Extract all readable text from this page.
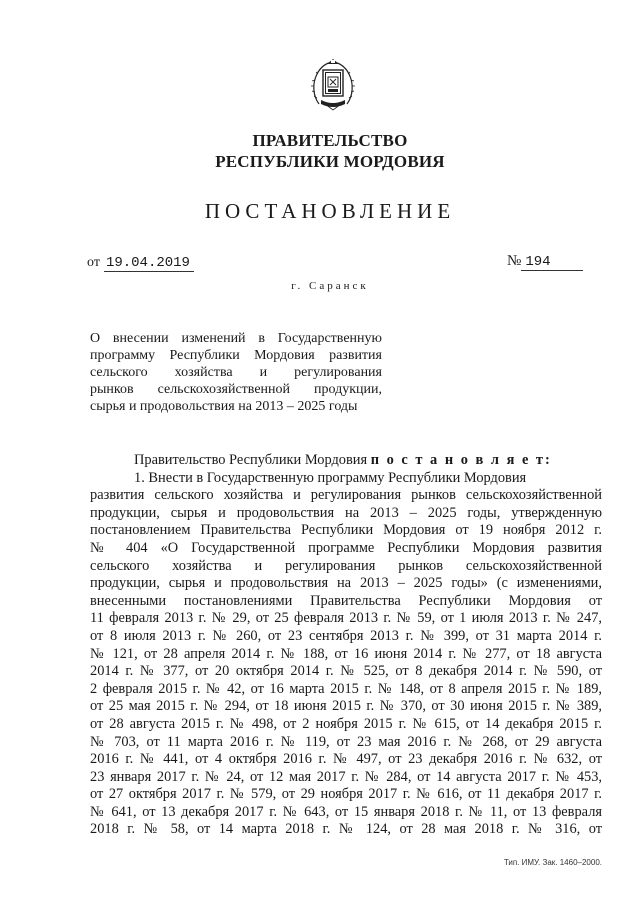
ПРАВИТЕЛЬСТВО
РЕСПУБЛИКИ МОРДОВИЯ
ПОСТАНОВЛЕНИЕ
от 19.04.2019	№ 194
г. Саранск
О внесении изменений в Государственную
программу Республики Мордовия развития
сельского хозяйства и регулирования
рынков сельскохозяйственной продукции,
сырья и продовольствия на 2013 – 2025 годы
Правительство Республики Мордовия п о с т а н о в л я е т:
1. Внести в Государственную программу Республики Мордовия
развития сельского хозяйства и регулирования рынков сельскохозяйственной
продукции, сырья и продовольствия на 2013 – 2025 годы, утвержденную
постановлением Правительства Республики Мордовия от 19 ноября 2012 г.
№ 404 «О Государственной программе Республики Мордовия развития
сельского хозяйства и регулирования рынков сельскохозяйственной
продукции, сырья и продовольствия на 2013 – 2025 годы» (с изменениями,
внесенными постановлениями Правительства Республики Мордовия от
11 февраля 2013 г. № 29, от 25 февраля 2013 г. № 59, от 1 июля 2013 г. № 247,
от 8 июля 2013 г. № 260, от 23 сентября 2013 г. № 399, от 31 марта 2014 г.
№ 121, от 28 апреля 2014 г. № 188, от 16 июня 2014 г. № 277, от 18 августа
2014 г. № 377, от 20 октября 2014 г. № 525, от 8 декабря 2014 г. № 590, от
2 февраля 2015 г. № 42, от 16 марта 2015 г. № 148, от 8 апреля 2015 г. № 189,
от 25 мая 2015 г. № 294, от 18 июня 2015 г. № 370, от 30 июня 2015 г. № 389,
от 28 августа 2015 г. № 498, от 2 ноября 2015 г. № 615, от 14 декабря 2015 г.
№ 703, от 11 марта 2016 г. № 119, от 23 мая 2016 г. № 268, от 29 августа
2016 г. № 441, от 4 октября 2016 г. № 497, от 23 декабря 2016 г. № 632, от
23 января 2017 г. № 24, от 12 мая 2017 г. № 284, от 14 августа 2017 г. № 453,
от 27 октября 2017 г. № 579, от 29 ноября 2017 г. № 616, от 11 декабря 2017 г.
№ 641, от 13 декабря 2017 г. № 643, от 15 января 2018 г. № 11, от 13 февраля
2018 г. № 58, от 14 марта 2018 г. № 124, от 28 мая 2018 г. № 316, от
Тип. ИМУ. Зак. 1460–2000.
